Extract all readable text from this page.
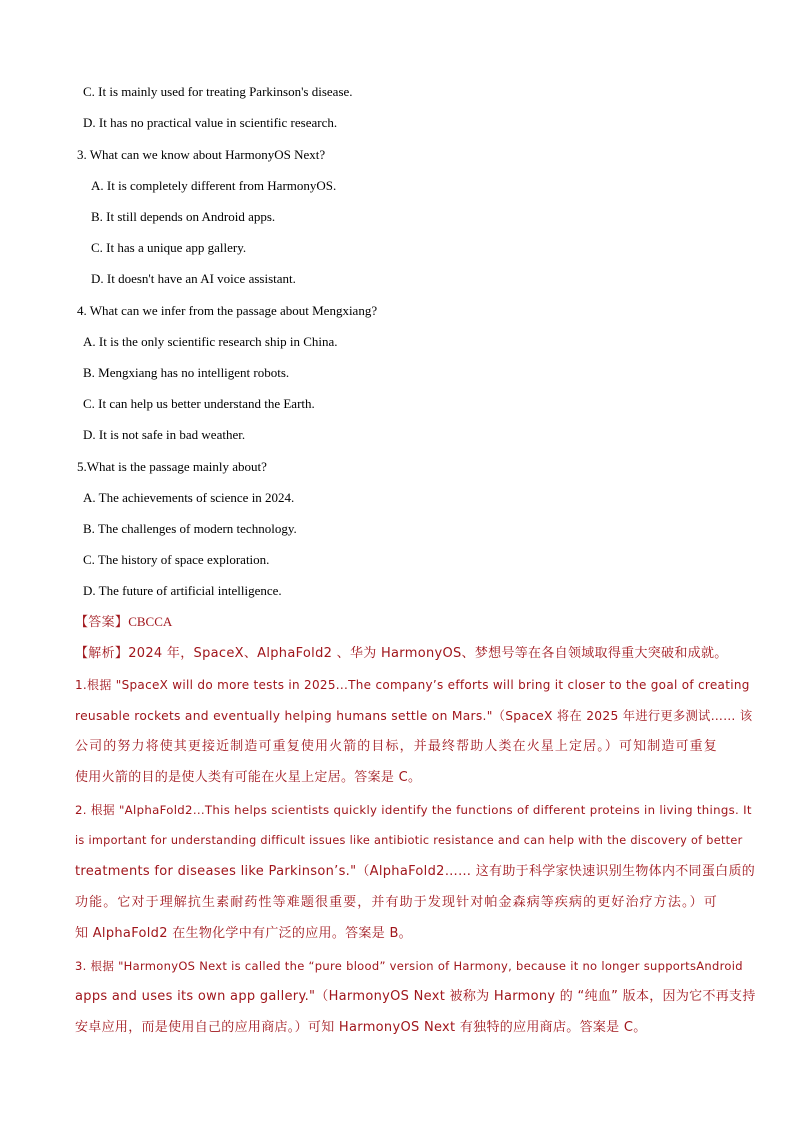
C. It is mainly used for treating Parkinson's disease.
D. It has no practical value in scientific research.
3. What can we know about HarmonyOS Next?
A. It is completely different from HarmonyOS.
B. It still depends on Android apps.
C. It has a unique app gallery.
D. It doesn't have an AI voice assistant.
4. What can we infer from the passage about Mengxiang?
A. It is the only scientific research ship in China.
B. Mengxiang has no intelligent robots.
C. It can help us better understand the Earth.
D. It is not safe in bad weather.
5.What is the passage mainly about?
A. The achievements of science in 2024.
B. The challenges of modern technology.
C. The history of space exploration.
D. The future of artificial intelligence.
【答案】CBCCA
【解析】2024 年，SpaceX、AlphaFold2 、华为 HarmonyOS、梦想号等在各自领域取得重大突破和成就。
1.根据 "SpaceX will do more tests in 2025...The company’s efforts will bring it closer to the goal of creating
reusable rockets and eventually helping humans settle on Mars."（SpaceX 将在 2025 年进行更多测试…… 该
公司的努力将使其更接近制造可重复使用火箭的目标，并最终帮助人类在火星上定居。）可知制造可重复
使用火箭的目的是使人类有可能在火星上定居。答案是 C。
2. 根据 "AlphaFold2...This helps scientists quickly identify the functions of different proteins in living things. It
is important for understanding difficult issues like antibiotic resistance and can help with the discovery of better
treatments for diseases like Parkinson’s."（AlphaFold2…… 这有助于科学家快速识别生物体内不同蛋白质的
功能。它对于理解抗生素耐药性等难题很重要，并有助于发现针对帕金森病等疾病的更好治疗方法。）可
知 AlphaFold2 在生物化学中有广泛的应用。答案是 B。
3. 根据 "HarmonyOS Next is called the “pure blood” version of Harmony, because it no longer supportsAndroid
apps and uses its own app gallery."（HarmonyOS Next 被称为 Harmony 的 “纯血” 版本，因为它不再支持
安卓应用，而是使用自己的应用商店。）可知 HarmonyOS Next 有独特的应用商店。答案是 C。
